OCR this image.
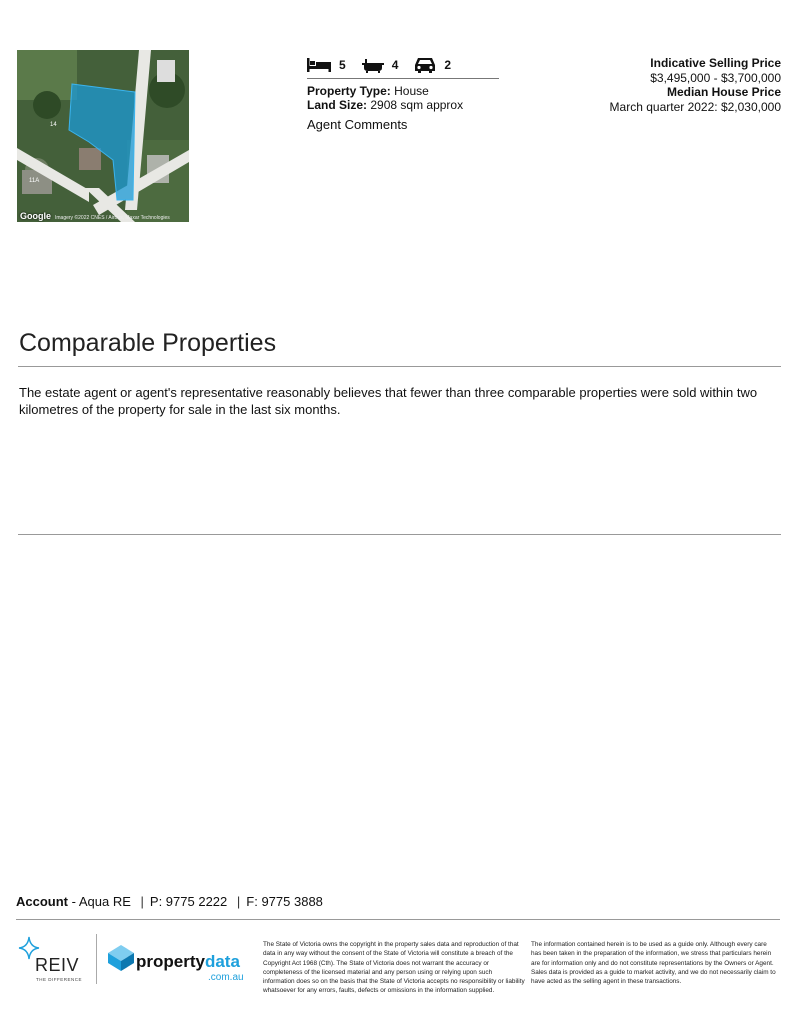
14
11A
Google Imagery ©2022 CNES / Airbus, Maxar Technologies
5	4	2
Property Type: House
Land Size: 2908 sqm approx
Agent Comments
Indicative Selling Price
$3,495,000 - $3,700,000
Median House Price
March quarter 2022: $2,030,000
Comparable Properties
The estate agent or agent's representative reasonably believes that fewer than three comparable properties were sold within two kilometres of the property for sale in the last six months.
Account - Aqua RE | P: 9775 2222 | F: 9775 3888
REIV
THE DIFFERENCE
propertydata
.com.au
The State of Victoria owns the copyright in the property sales data and reproduction of that data in any way without the consent of the State of Victoria will constitute a breach of the Copyright Act 1968 (Cth). The State of Victoria does not warrant the accuracy or completeness of the licensed material and any person using or relying upon such information does so on the basis that the State of Victoria accepts no responsibility or liability whatsoever for any errors, faults, defects or omissions in the information supplied.
The information contained herein is to be used as a guide only. Although every care has been taken in the preparation of the information, we stress that particulars herein are for information only and do not constitute representations by the Owners or Agent. Sales data is provided as a guide to market activity, and we do not necessarily claim to have acted as the selling agent in these transactions.
